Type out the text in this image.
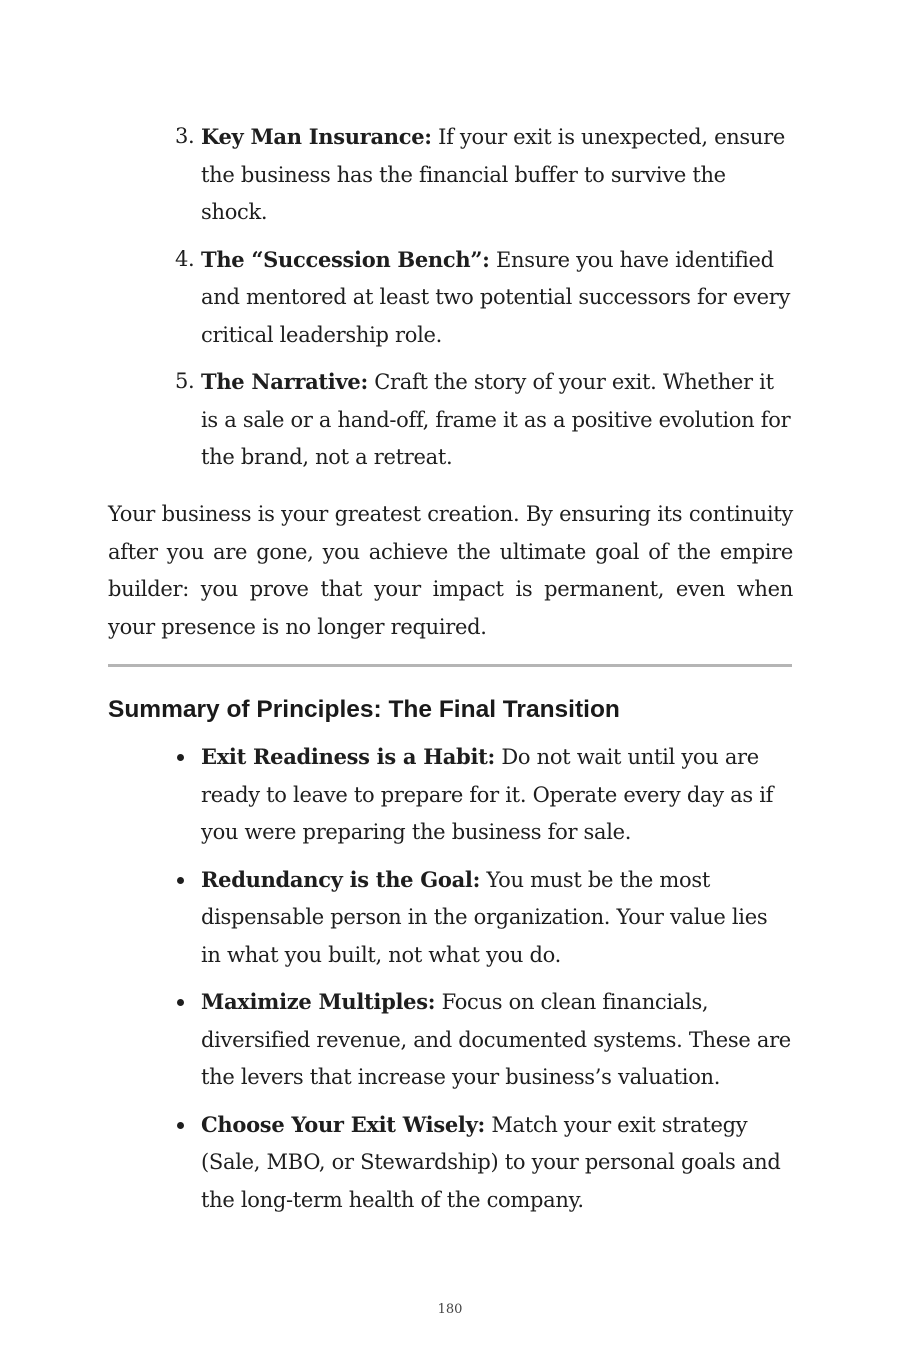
3. Key Man Insurance: If your exit is unexpected, ensure the business has the financial buffer to survive the shock.
4. The “Succession Bench”: Ensure you have identified and mentored at least two potential successors for every critical leadership role.
5. The Narrative: Craft the story of your exit. Whether it is a sale or a hand-off, frame it as a positive evolution for the brand, not a retreat.

Your business is your greatest creation. By ensuring its continuity after you are gone, you achieve the ultimate goal of the empire builder: you prove that your impact is permanent, even when your presence is no longer required.

Summary of Principles: The Final Transition
Exit Readiness is a Habit: Do not wait until you are ready to leave to prepare for it. Operate every day as if you were preparing the business for sale.
Redundancy is the Goal: You must be the most dispensable person in the organization. Your value lies in what you built, not what you do.
Maximize Multiples: Focus on clean financials, diversified revenue, and documented systems. These are the levers that increase your business’s valuation.
Choose Your Exit Wisely: Match your exit strategy (Sale, MBO, or Stewardship) to your personal goals and the long-term health of the company.
180
